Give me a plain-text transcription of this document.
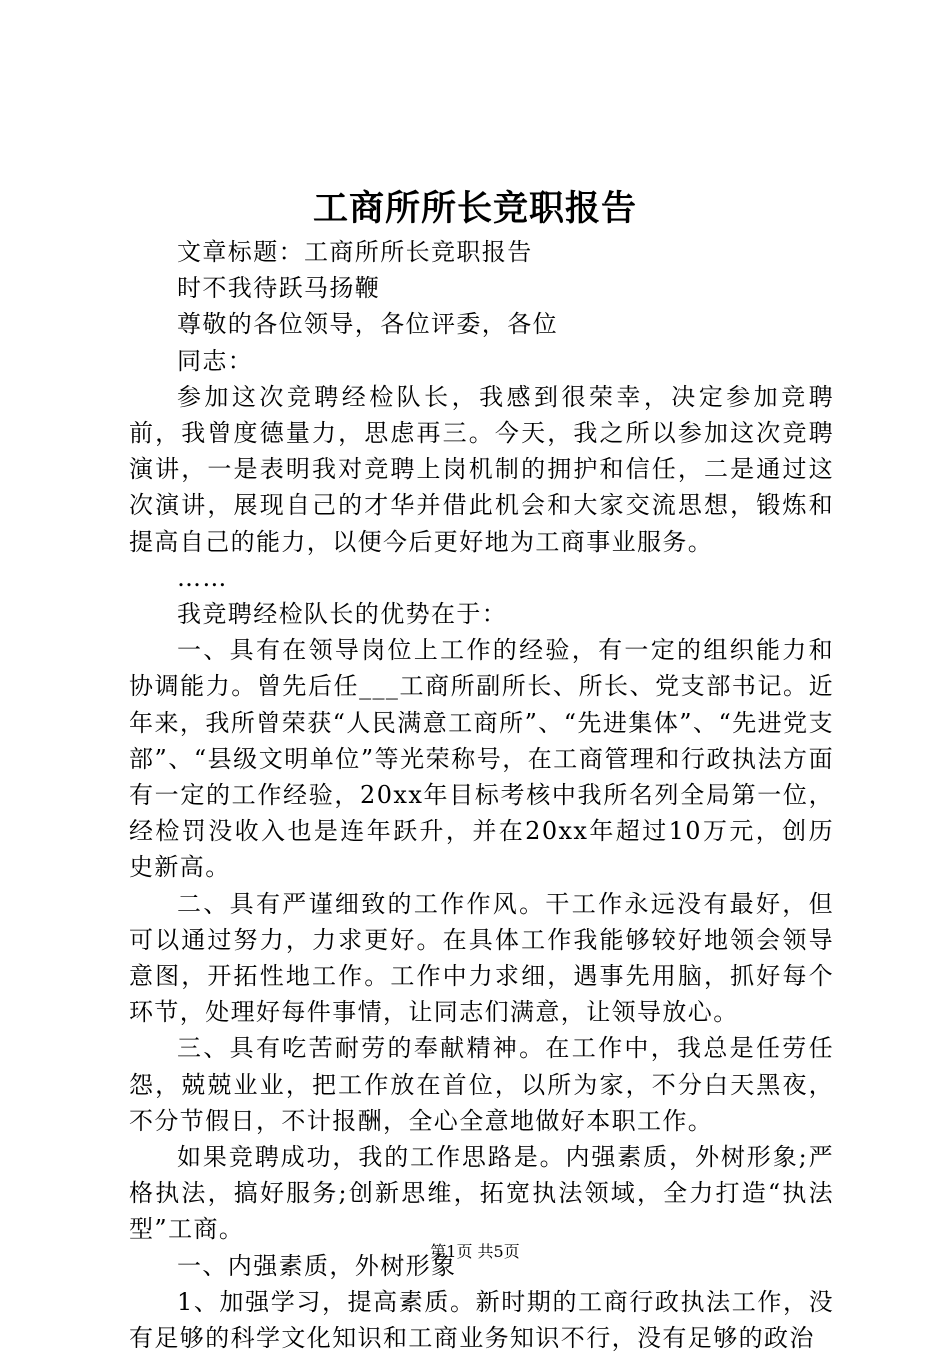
工商所所长竞职报告

文章标题：工商所所长竞职报告

时不我待跃马扬鞭

尊敬的各位领导，各位评委，各位

同志：

参加这次竞聘经检队长，我感到很荣幸，决定参加竞聘前，我曾度德量力，思虑再三。今天，我之所以参加这次竞聘演讲，一是表明我对竞聘上岗机制的拥护和信任，二是通过这次演讲，展现自己的才华并借此机会和大家交流思想，锻炼和提高自己的能力，以便今后更好地为工商事业服务。

……

我竞聘经检队长的优势在于：

一、具有在领导岗位上工作的经验，有一定的组织能力和协调能力。曾先后任___工商所副所长、所长、党支部书记。近年来，我所曾荣获“人民满意工商所”、“先进集体”、“先进党支部”、“县级文明单位”等光荣称号，在工商管理和行政执法方面有一定的工作经验，20xx年目标考核中我所名列全局第一位，经检罚没收入也是连年跃升，并在20xx年超过10万元，创历史新高。

二、具有严谨细致的工作作风。干工作永远没有最好，但可以通过努力，力求更好。在具体工作我能够较好地领会领导意图，开拓性地工作。工作中力求细，遇事先用脑，抓好每个环节，处理好每件事情，让同志们满意，让领导放心。

三、具有吃苦耐劳的奉献精神。在工作中，我总是任劳任怨，兢兢业业，把工作放在首位，以所为家，不分白天黑夜，不分节假日，不计报酬，全心全意地做好本职工作。

如果竞聘成功，我的工作思路是。内强素质，外树形象;严格执法，搞好服务;创新思维，拓宽执法领域，全力打造“执法型”工商。

一、内强素质，外树形象

1、加强学习，提高素质。新时期的工商行政执法工作，没有足够的科学文化知识和工商业务知识不行，没有足够的政治

第1页 共5页
